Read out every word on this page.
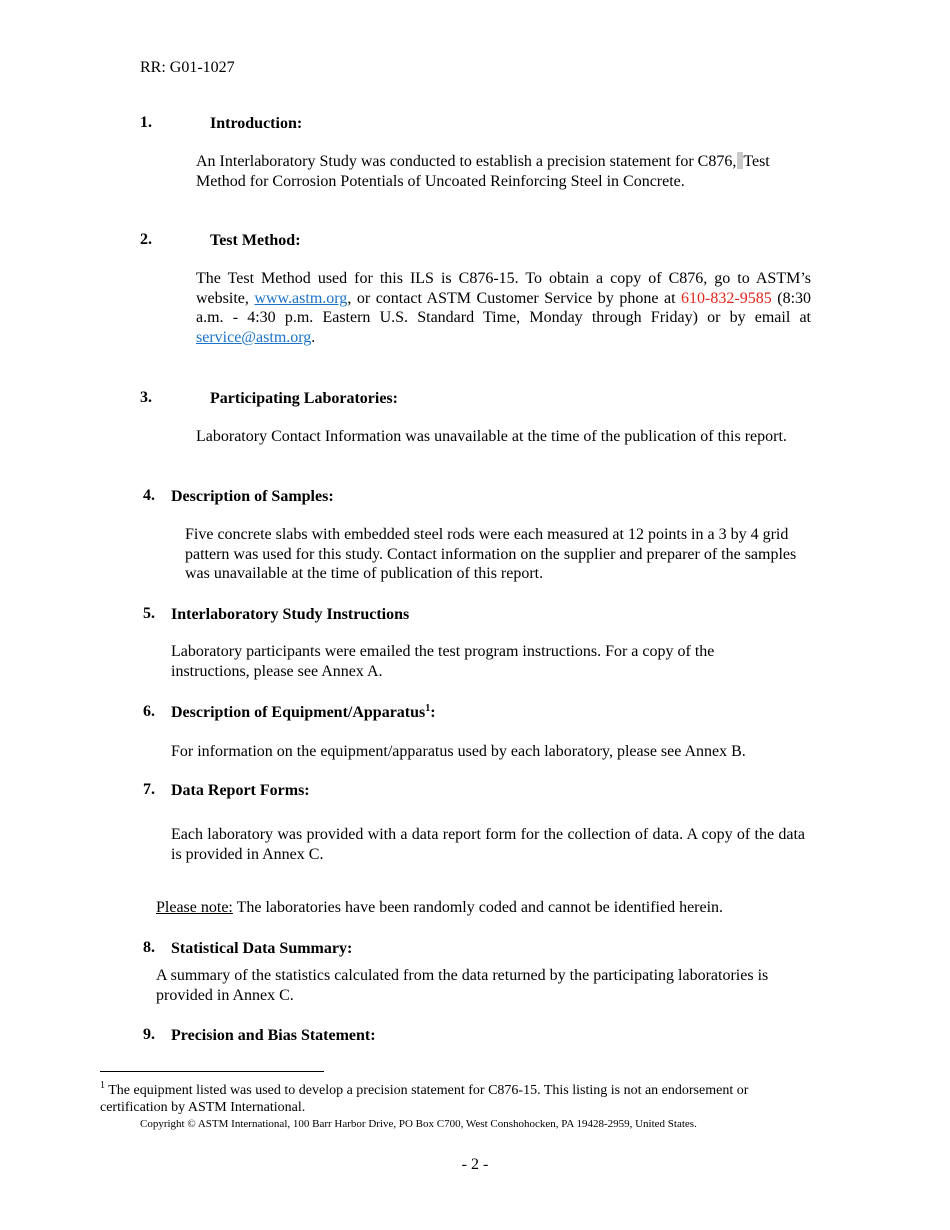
RR: G01-1027
1.	Introduction:
An Interlaboratory Study was conducted to establish a precision statement for C876, Test Method for Corrosion Potentials of Uncoated Reinforcing Steel in Concrete.
2.	Test Method:
The Test Method used for this ILS is C876-15. To obtain a copy of C876, go to ASTM’s website, www.astm.org, or contact ASTM Customer Service by phone at 610-832-9585 (8:30 a.m. - 4:30 p.m. Eastern U.S. Standard Time, Monday through Friday) or by email at service@astm.org.
3.	Participating Laboratories:
Laboratory Contact Information was unavailable at the time of the publication of this report.
4. Description of Samples:
Five concrete slabs with embedded steel rods were each measured at 12 points in a 3 by 4 grid pattern was used for this study. Contact information on the supplier and preparer of the samples was unavailable at the time of publication of this report.
5. Interlaboratory Study Instructions
Laboratory participants were emailed the test program instructions. For a copy of the instructions, please see Annex A.
6. Description of Equipment/Apparatus$^1$:
For information on the equipment/apparatus used by each laboratory, please see Annex B.
7. Data Report Forms:
Each laboratory was provided with a data report form for the collection of data. A copy of the data is provided in Annex C.
Please note: The laboratories have been randomly coded and cannot be identified herein.
8. Statistical Data Summary:
A summary of the statistics calculated from the data returned by the participating laboratories is provided in Annex C.
9. Precision and Bias Statement:
$^1$ The equipment listed was used to develop a precision statement for C876-15. This listing is not an endorsement or certification by ASTM International.
Copyright © ASTM International, 100 Barr Harbor Drive, PO Box C700, West Conshohocken, PA 19428-2959, United States.
- 2 -
